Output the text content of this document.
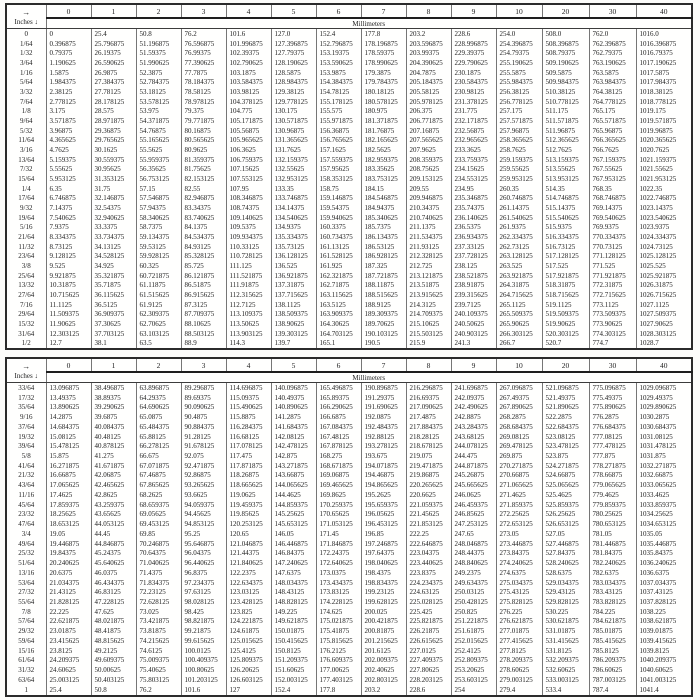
→
Inches ↓	0	1	2	3	4	5	6	7	8	9	10	20	30	40
	Millimeters													
0	0	25.4	50.8	76.2	101.6	127.0	152.4	177.8	203.2	228.6	254.0	508.0	762.0	1016.0
1/64	0.396875	25.796875	51.196875	76.596875	101.996875	127.396875	152.796875	178.196875	203.596875	228.996875	254.396875	508.396875	762.396875	1016.396875
1/32	0.79375	26.19375	51.59375	76.99375	102.39375	127.79375	153.19375	178.59375	203.99375	229.39375	254.79375	508.79375	762.79375	1016.79375
3/64	1.190625	26.590625	51.990625	77.390625	102.790625	128.190625	153.590625	178.990625	204.390625	229.790625	255.190625	509.190625	763.190625	1017.190625
1/16	1.5875	26.9875	52.3875	77.7875	103.1875	128.5875	153.9875	179.3875	204.7875	230.1875	255.5875	509.5875	763.5875	1017.5875
5/64	1.984375	27.384375	52.784375	78.184375	103.584375	128.984375	154.384375	179.784375	205.184375	230.584375	255.984375	509.984375	763.984375	1017.984375
3/32	2.38125	27.78125	53.18125	78.58125	103.98125	129.38125	154.78125	180.18125	205.58125	230.98125	256.38125	510.38125	764.38125	1018.38125
7/64	2.778125	28.178125	53.578125	78.978125	104.378125	129.778125	155.178125	180.578125	205.978125	231.378125	256.778125	510.778125	764.778125	1018.778125
1/8	3.175	28.575	53.975	79.375	104.775	130.175	155.575	180.975	206.375	231.775	257.175	511.175	765.175	1019.175
9/64	3.571875	28.971875	54.371875	79.771875	105.171875	130.571875	155.971875	181.371875	206.771875	232.171875	257.571875	511.571875	765.571875	1019.571875
5/32	3.96875	29.36875	54.76875	80.16875	105.56875	130.96875	156.36875	181.76875	207.16875	232.56875	257.96875	511.96875	765.96875	1019.96875
11/64	4.365625	29.765625	55.165625	80.565625	105.965625	131.365625	156.765625	182.165625	207.565625	232.965625	258.365625	512.365625	766.365625	1020.365625
3/16	4.7625	30.1625	55.5625	80.9625	106.3625	131.7625	157.1625	182.5625	207.9625	233.3625	258.7625	512.7625	766.7625	1020.7625
13/64	5.159375	30.559375	55.959375	81.359375	106.759375	132.159375	157.559375	182.959375	208.359375	233.759375	259.159375	513.159375	767.159375	1021.159375
7/32	5.55625	30.95625	56.35625	81.75625	107.15625	132.55625	157.95625	183.35625	208.75625	234.15625	259.55625	513.55625	767.55625	1021.55625
15/64	5.953125	31.353125	56.753125	82.153125	107.553125	132.953125	158.353125	183.753125	209.153125	234.553125	259.953125	513.953125	767.953125	1021.953125
1/4	6.35	31.75	57.15	82.55	107.95	133.35	158.75	184.15	209.55	234.95	260.35	514.35	768.35	1022.35
17/64	6.746875	32.146875	57.546875	82.946875	108.346875	133.746875	159.146875	184.546875	209.946875	235.346875	260.746875	514.746875	768.746875	1022.746875
9/32	7.14375	32.54375	57.94375	83.34375	108.74375	134.14375	159.54375	184.94375	210.34375	235.74375	261.14375	515.14375	769.14375	1023.14375
19/64	7.540625	32.940625	58.340625	83.740625	109.140625	134.540625	159.940625	185.340625	210.740625	236.140625	261.540625	515.540625	769.540625	1023.540625
5/16	7.9375	33.3375	58.7375	84.1375	109.5375	134.9375	160.3375	185.7375	211.1375	236.5375	261.9375	515.9375	769.9375	1023.9375
21/64	8.334375	33.734375	59.134375	84.534375	109.934375	135.334375	160.734375	186.134375	211.534375	236.934375	262.334375	516.334375	770.334375	1024.334375
11/32	8.73125	34.13125	59.53125	84.93125	110.33125	135.73125	161.13125	186.53125	211.93125	237.33125	262.73125	516.73125	770.73125	1024.73125
23/64	9.128125	34.528125	59.928125	85.328125	110.728125	136.128125	161.528125	186.928125	212.328125	237.728125	263.128125	517.128125	771.128125	1025.128125
3/8	9.525	34.925	60.325	85.725	111.125	136.525	161.925	187.325	212.725	238.125	263.525	517.525	771.525	1025.525
25/64	9.921875	35.321875	60.721875	86.121875	111.521875	136.921875	162.321875	187.721875	213.121875	238.521875	263.921875	517.921875	771.921875	1025.921875
13/32	10.31875	35.71875	61.11875	86.51875	111.91875	137.31875	162.71875	188.11875	213.51875	238.91875	264.31875	518.31875	772.31875	1026.31875
27/64	10.715625	36.115625	61.515625	86.915625	112.315625	137.715625	163.115625	188.515625	213.915625	239.315625	264.715625	518.715625	772.715625	1026.715625
7/16	11.1125	36.5125	61.9125	87.3125	112.7125	138.1125	163.5125	188.9125	214.3125	239.7125	265.1125	519.1125	773.1125	1027.1125
29/64	11.509375	36.909375	62.309375	87.709375	113.109375	138.509375	163.909375	189.309375	214.709375	240.109375	265.509375	519.509375	773.509375	1027.509375
15/32	11.90625	37.30625	62.70625	88.10625	113.50625	138.90625	164.30625	189.70625	215.10625	240.50625	265.90625	519.90625	773.90625	1027.90625
31/64	12.303125	37.703125	63.103125	88.503125	113.903125	139.303125	164.703125	190.103125	215.503125	240.903125	266.303125	520.303125	774.303125	1028.303125
1/2	12.7	38.1	63.5	88.9	114.3	139.7	165.1	190.5	215.9	241.3	266.7	520.7	774.7	1028.7
→
Inches ↓	0	1	2	3	4	5	6	7	8	9	10	20	30	40
	Millimeters													
33/64	13.096875	38.496875	63.896875	89.296875	114.696875	140.096875	165.496875	190.896875	216.296875	241.696875	267.096875	521.096875	775.096875	1029.096875
17/32	13.49375	38.89375	64.29375	89.69375	115.09375	140.49375	165.89375	191.29375	216.69375	242.09375	267.49375	521.49375	775.49375	1029.49375
35/64	13.890625	39.290625	64.690625	90.090625	115.490625	140.890625	166.290625	191.690625	217.090625	242.490625	267.890625	521.890625	775.890625	1029.890625
9/16	14.2875	39.6875	65.0875	90.4875	115.8875	141.2875	166.6875	192.0875	217.4875	242.8875	268.2875	522.2875	776.2875	1030.2875
37/64	14.684375	40.084375	65.484375	90.884375	116.284375	141.684375	167.084375	192.484375	217.884375	243.284375	268.684375	522.684375	776.684375	1030.684375
19/32	15.08125	40.48125	65.88125	91.28125	116.68125	142.08125	167.48125	192.88125	218.28125	243.68125	269.08125	523.08125	777.08125	1031.08125
39/64	15.478125	40.878125	66.278125	91.678125	117.078125	142.478125	167.878125	193.278125	218.678125	244.078125	269.478125	523.478125	777.478125	1031.478125
5/8	15.875	41.275	66.675	92.075	117.475	142.875	168.275	193.675	219.075	244.475	269.875	523.875	777.875	1031.875
41/64	16.271875	41.671875	67.071875	92.471875	117.871875	143.271875	168.671875	194.071875	219.471875	244.871875	270.271875	524.271875	778.271875	1032.271875
21/32	16.66875	42.06875	67.46875	92.86875	118.26875	143.66875	169.06875	194.46875	219.86875	245.26875	270.66875	524.66875	778.66875	1032.66875
43/64	17.065625	42.465625	67.865625	93.265625	118.665625	144.065625	169.465625	194.865625	220.265625	245.665625	271.065625	525.065625	779.065625	1033.065625
11/16	17.4625	42.8625	68.2625	93.6625	119.0625	144.4625	169.8625	195.2625	220.6625	246.0625	271.4625	525.4625	779.4625	1033.4625
45/64	17.859375	43.259375	68.659375	94.059375	119.459375	144.859375	170.259375	195.659375	221.059375	246.459375	271.859375	525.859375	779.859375	1033.859375
23/32	18.25625	43.65625	69.05625	94.45625	119.85625	145.25625	170.65625	196.05625	221.45625	246.85625	272.25625	526.25625	780.25625	1034.25625
47/64	18.653125	44.053125	69.453125	94.853125	120.253125	145.653125	171.053125	196.453125	221.853125	247.253125	272.653125	526.653125	780.653125	1034.653125
3/4	19.05	44.45	69.85	95.25	120.65	146.05	171.45	196.85	222.25	247.65	273.05	527.05	781.05	1035.05
49/64	19.446875	44.846875	70.246875	95.646875	121.046875	146.446875	171.846875	197.246875	222.646875	248.046875	273.446875	527.446875	781.446875	1035.446875
25/32	19.84375	45.24375	70.64375	96.04375	121.44375	146.84375	172.24375	197.64375	223.04375	248.44375	273.84375	527.84375	781.84375	1035.84375
51/64	20.240625	45.640625	71.040625	96.440625	121.840625	147.240625	172.640625	198.040625	223.440625	248.840625	274.240625	528.240625	782.240625	1036.240625
13/16	20.6375	46.0375	71.4375	96.8375	122.2375	147.6375	173.0375	198.4375	223.8375	249.2375	274.6375	528.6375	782.6375	1036.6375
53/64	21.034375	46.434375	71.834375	97.234375	122.634375	148.034375	173.434375	198.834375	224.234375	249.634375	275.034375	529.034375	783.034375	1037.034375
27/32	21.43125	46.83125	72.23125	97.63125	123.03125	148.43125	173.83125	199.23125	224.63125	250.03125	275.43125	529.43125	783.43125	1037.43125
55/64	21.828125	47.228125	72.628125	98.028125	123.428125	148.828125	174.228125	199.628125	225.028125	250.428125	275.828125	529.828125	783.828125	1037.828125
7/8	22.225	47.625	73.025	98.425	123.825	149.225	174.625	200.025	225.425	250.825	276.225	530.225	784.225	1038.225
57/64	22.621875	48.021875	73.421875	98.821875	124.221875	149.621875	175.021875	200.421875	225.821875	251.221875	276.621875	530.621875	784.621875	1038.621875
29/32	23.01875	48.41875	73.81875	99.21875	124.61875	150.01875	175.41875	200.81875	226.21875	251.61875	277.01875	531.01875	785.01875	1039.01875
59/64	23.415625	48.815625	74.215625	99.615625	125.015625	150.415625	175.815625	201.215625	226.615625	252.015625	277.415625	531.415625	785.415625	1039.415625
15/16	23.8125	49.2125	74.6125	100.0125	125.4125	150.8125	176.2125	201.6125	227.0125	252.4125	277.8125	531.8125	785.8125	1039.8125
61/64	24.209375	49.609375	75.009375	100.409375	125.809375	151.209375	176.609375	202.009375	227.409375	252.809375	278.209375	532.209375	786.209375	1040.209375
31/32	24.60625	50.00625	75.40625	100.80625	126.20625	151.60625	177.00625	202.40625	227.80625	253.20625	278.60625	532.60625	786.60625	1040.60625
63/64	25.003125	50.403125	75.803125	101.203125	126.603125	152.003125	177.403125	202.803125	228.203125	253.603125	279.003125	533.003125	787.003125	1041.003125
1	25.4	50.8	76.2	101.6	127	152.4	177.8	203.2	228.6	254	279.4	533.4	787.4	1041.4
